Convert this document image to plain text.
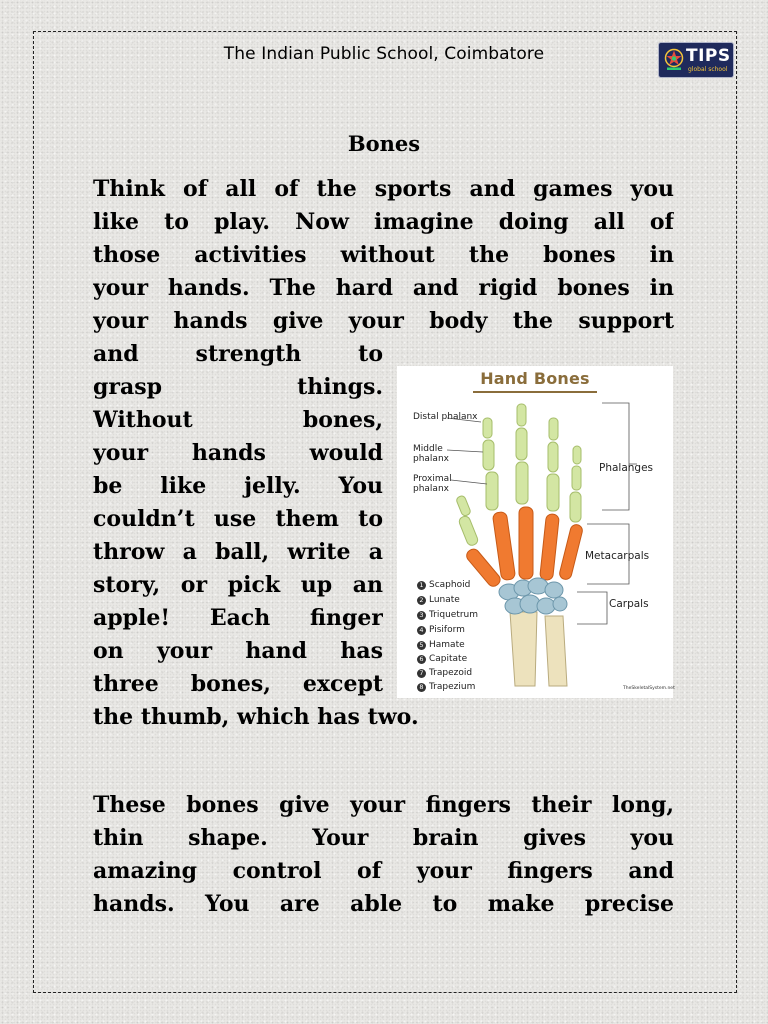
The Indian Public School, Coimbatore	TIPS
global school
Bones
Think of all of the sports and games you
like to play. Now imagine doing all of
those activities without the bones in
your hands. The hard and rigid bones in
your hands give your body the support
and strength to
grasp things.
Without bones,
your hands would
be like jelly. You
couldn’t use them to
throw a ball, write a
story, or pick up an
apple! Each finger
on your hand has
three bones, except
the thumb, which has two.
These bones give your fingers their long,
thin shape. Your brain gives you
amazing control of your fingers and
hands. You are able to make precise
Hand Bones
Distal phalanx
Middle phalanx
Proximal phalanx
Phalanges
Metacarpals
Carpals
1 Scaphoid
2 Lunate
3 Triquetrum
4 Pisiform
5 Hamate
6 Capitate
7 Trapezoid
8 Trapezium	TheSkeletalSystem.net
